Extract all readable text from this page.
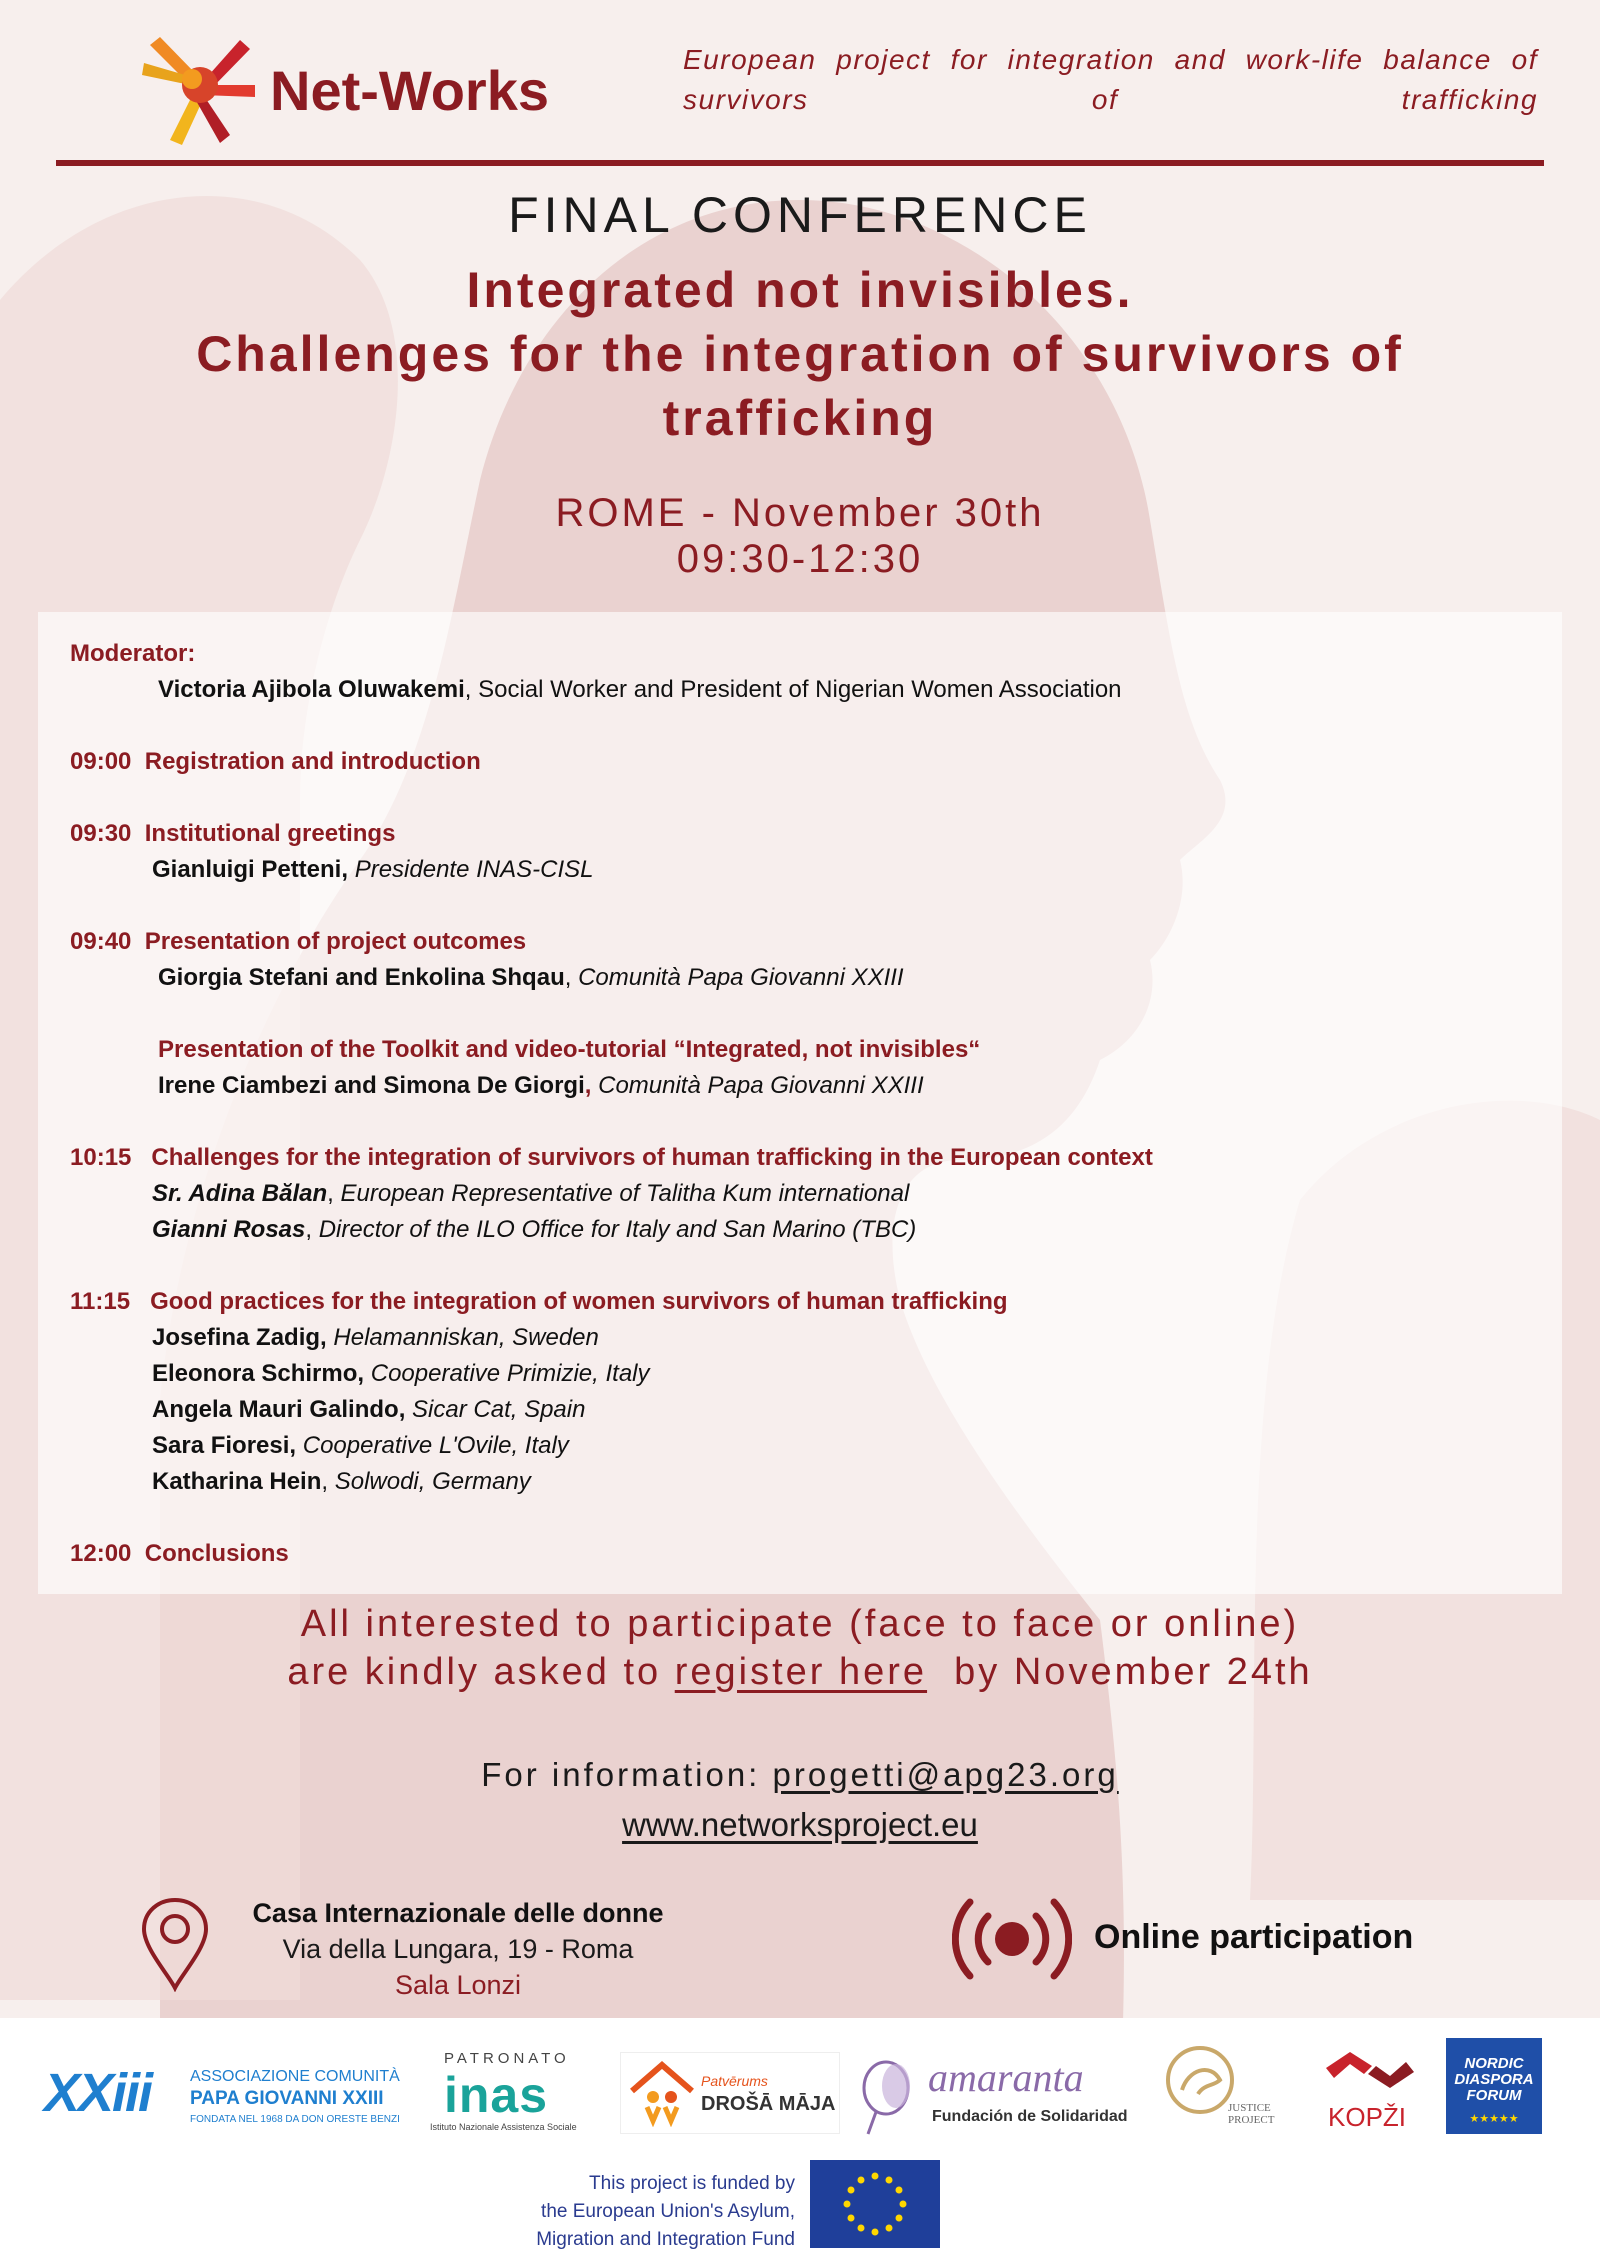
Net-Works	European project for integration and work-life balance of survivors of trafficking
FINAL CONFERENCE
Integrated not invisibles.
Challenges for the integration of survivors of
trafficking
ROME - November 30th
09:30-12:30
Moderator:
Victoria Ajibola Oluwakemi, Social Worker and President of Nigerian Women Association
09:00 Registration and introduction
09:30 Institutional greetings
Gianluigi Petteni, Presidente INAS-CISL
09:40 Presentation of project outcomes
Giorgia Stefani and Enkolina Shqau, Comunità Papa Giovanni XXIII
Presentation of the Toolkit and video-tutorial “Integrated, not invisibles“
Irene Ciambezi and Simona De Giorgi, Comunità Papa Giovanni XXIII
10:15 Challenges for the integration of survivors of human trafficking in the European context
Sr. Adina Bălan, European Representative of Talitha Kum international
Gianni Rosas, Director of the ILO Office for Italy and San Marino (TBC)
11:15 Good practices for the integration of women survivors of human trafficking
Josefina Zadig, Helamanniskan, Sweden
Eleonora Schirmo, Cooperative Primizie, Italy
Angela Mauri Galindo, Sicar Cat, Spain
Sara Fioresi, Cooperative L'Ovile, Italy
Katharina Hein, Solwodi, Germany
12:00 Conclusions
All interested to participate (face to face or online)
are kindly asked to register here  by November 24th
For information: progetti@apg23.org
www.networksproject.eu
Casa Internazionale delle donne
Via della Lungara, 19 - Roma
Sala Lonzi
Online participation
XXiii ASSOCIAZIONE COMUNITÀ
PAPA GIOVANNI XXIII
FONDATA NEL 1968 DA DON ORESTE BENZI
PATRONATO
inas
Istituto Nazionale Assistenza Sociale
Patvērums
DROŠĀ MĀJA
amaranta
Fundación de Solidaridad	JUSTICE PROJECT	KOPŽI
NORDIC DIASPORA FORUM
★★★★★
This project is funded by
the European Union's Asylum,
Migration and Integration Fund
